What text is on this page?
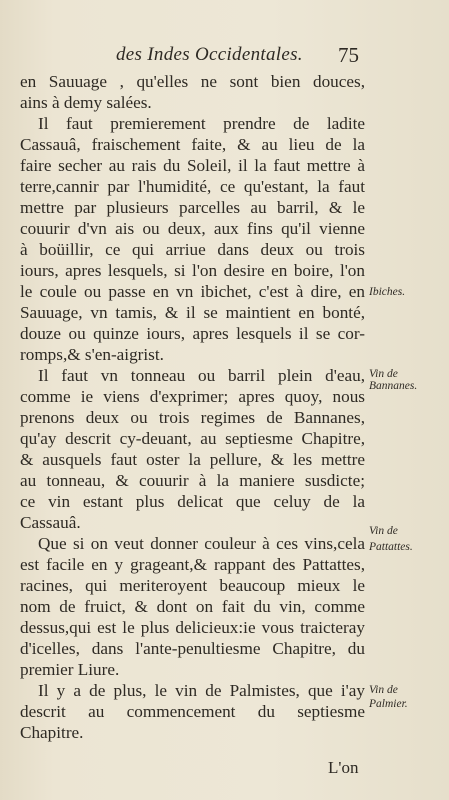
des Indes Occidentales. 75
en Sauuage , qu'elles ne sont bien douces,
ains à demy salées.
Il faut premierement prendre de ladite
Cassauâ, fraischement faite, & au lieu de la
faire secher au rais du Soleil, il la faut mettre à
terre,cannir par l'humidité, ce qu'estant, la faut
mettre par plusieurs parcelles au barril, & le
couurir d'vn ais ou deux, aux fins qu'il vienne
à boüillir, ce qui arriue dans deux ou trois
iours, apres lesquels, si l'on desire en boire, l'on
le coule ou passe en vn ibichet, c'est à dire, en
Sauuage, vn tamis, & il se maintient en bonté,
douze ou quinze iours, apres lesquels il se cor-
romps,& s'en-aigrist.
Il faut vn tonneau ou barril plein d'eau,
comme ie viens d'exprimer; apres quoy, nous
prenons deux ou trois regimes de Bannanes,
qu'ay descrit cy-deuant, au septiesme Chapitre,
& ausquels faut oster la pellure, & les mettre
au tonneau, & couurir à la maniere susdicte;
ce vin estant plus delicat que celuy de la
Cassauâ.
Que si on veut donner couleur à ces vins,cela
est facile en y grageant,& rappant des Pattattes,
racines, qui meriteroyent beaucoup mieux le
nom de fruict, & dont on fait du vin, comme
dessus,qui est le plus delicieux:ie vous traicteray
d'icelles, dans l'ante-penultiesme Chapitre, du
premier Liure.
Il y a de plus, le vin de Palmistes, que i'ay
descrit au commencement du septiesme
Chapitre.
Ibiches.
Vin de
Bannanes.
Vin de
Pattattes.
Vin de
Palmier.
L'on
